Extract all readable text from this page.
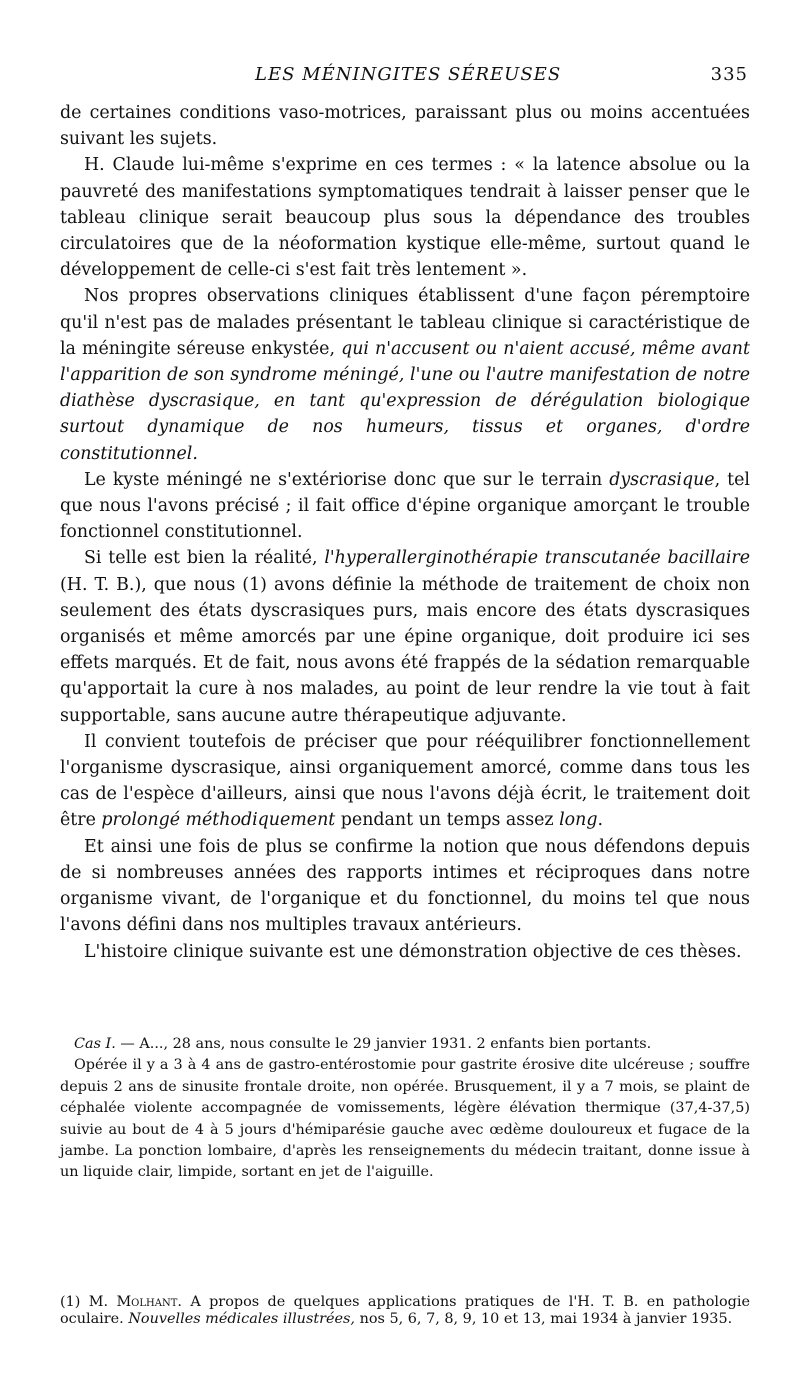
LES MÉNINGITES SÉREUSES	335

de certaines conditions vaso-motrices, paraissant plus ou moins accentuées suivant les sujets.

H. Claude lui-même s'exprime en ces termes : « la latence absolue ou la pauvreté des manifestations symptomatiques tendrait à laisser penser que le tableau clinique serait beaucoup plus sous la dépendance des troubles circulatoires que de la néoformation kystique elle-même, surtout quand le développement de celle-ci s'est fait très lentement ».

Nos propres observations cliniques établissent d'une façon péremptoire qu'il n'est pas de malades présentant le tableau clinique si caractéristique de la méningite séreuse enkystée, qui n'accusent ou n'aient accusé, même avant l'apparition de son syndrome méningé, l'une ou l'autre manifestation de notre diathèse dyscrasique, en tant qu'expression de dérégulation biologique surtout dynamique de nos humeurs, tissus et organes, d'ordre constitutionnel.

Le kyste méningé ne s'extériorise donc que sur le terrain dyscrasique, tel que nous l'avons précisé ; il fait office d'épine organique amorçant le trouble fonctionnel constitutionnel.

Si telle est bien la réalité, l'hyperallerginothérapie transcutanée bacillaire (H. T. B.), que nous (1) avons définie la méthode de traitement de choix non seulement des états dyscrasiques purs, mais encore des états dyscrasiques organisés et même amorcés par une épine organique, doit produire ici ses effets marqués. Et de fait, nous avons été frappés de la sédation remarquable qu'apportait la cure à nos malades, au point de leur rendre la vie tout à fait supportable, sans aucune autre thérapeutique adjuvante.

Il convient toutefois de préciser que pour rééquilibrer fonctionnellement l'organisme dyscrasique, ainsi organiquement amorcé, comme dans tous les cas de l'espèce d'ailleurs, ainsi que nous l'avons déjà écrit, le traitement doit être prolongé méthodiquement pendant un temps assez long.

Et ainsi une fois de plus se confirme la notion que nous défendons depuis de si nombreuses années des rapports intimes et réciproques dans notre organisme vivant, de l'organique et du fonctionnel, du moins tel que nous l'avons défini dans nos multiples travaux antérieurs.

L'histoire clinique suivante est une démonstration objective de ces thèses.

Cas I. — A..., 28 ans, nous consulte le 29 janvier 1931. 2 enfants bien portants.

Opérée il y a 3 à 4 ans de gastro-entérostomie pour gastrite érosive dite ulcéreuse ; souffre depuis 2 ans de sinusite frontale droite, non opérée. Brusquement, il y a 7 mois, se plaint de céphalée violente accompagnée de vomissements, légère élévation thermique (37,4-37,5) suivie au bout de 4 à 5 jours d'hémiparésie gauche avec œdème douloureux et fugace de la jambe. La ponction lombaire, d'après les renseignements du médecin traitant, donne issue à un liquide clair, limpide, sortant en jet de l'aiguille.

(1) M. Molhant. A propos de quelques applications pratiques de l'H. T. B. en pathologie oculaire. Nouvelles médicales illustrées, nos 5, 6, 7, 8, 9, 10 et 13, mai 1934 à janvier 1935.
